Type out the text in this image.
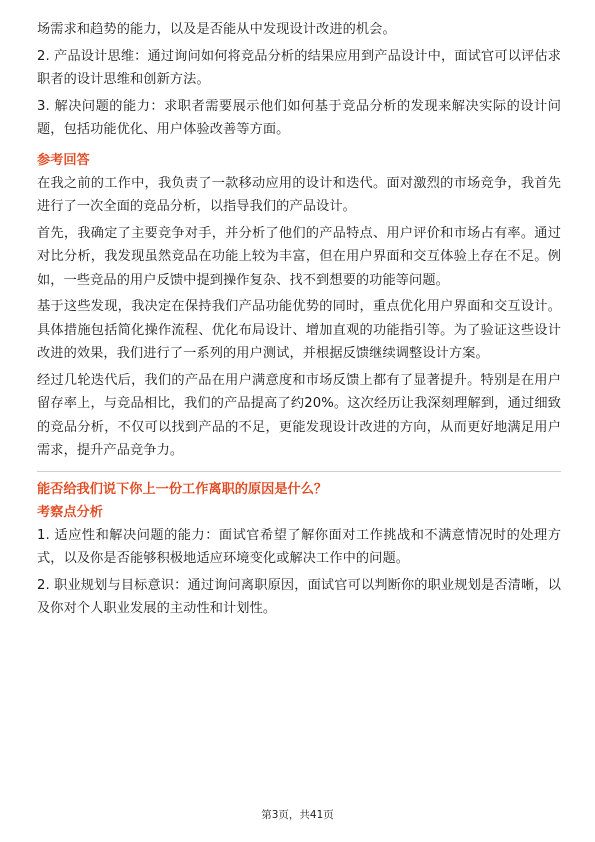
场需求和趋势的能力，以及是否能从中发现设计改进的机会。

2. 产品设计思维：通过询问如何将竞品分析的结果应用到产品设计中，面试官可以评估求职者的设计思维和创新方法。

3. 解决问题的能力：求职者需要展示他们如何基于竞品分析的发现来解决实际的设计问题，包括功能优化、用户体验改善等方面。

参考回答

在我之前的工作中，我负责了一款移动应用的设计和迭代。面对激烈的市场竞争，我首先进行了一次全面的竞品分析，以指导我们的产品设计。

首先，我确定了主要竞争对手，并分析了他们的产品特点、用户评价和市场占有率。通过对比分析，我发现虽然竞品在功能上较为丰富，但在用户界面和交互体验上存在不足。例如，一些竞品的用户反馈中提到操作复杂、找不到想要的功能等问题。

基于这些发现，我决定在保持我们产品功能优势的同时，重点优化用户界面和交互设计。具体措施包括简化操作流程、优化布局设计、增加直观的功能指引等。为了验证这些设计改进的效果，我们进行了一系列的用户测试，并根据反馈继续调整设计方案。

经过几轮迭代后，我们的产品在用户满意度和市场反馈上都有了显著提升。特别是在用户留存率上，与竞品相比，我们的产品提高了约20%。这次经历让我深刻理解到，通过细致的竞品分析，不仅可以找到产品的不足，更能发现设计改进的方向，从而更好地满足用户需求，提升产品竞争力。

能否给我们说下你上一份工作离职的原因是什么？
考察点分析

1. 适应性和解决问题的能力：面试官希望了解你面对工作挑战和不满意情况时的处理方式，以及你是否能够积极地适应环境变化或解决工作中的问题。

2. 职业规划与目标意识：通过询问离职原因，面试官可以判断你的职业规划是否清晰，以及你对个人职业发展的主动性和计划性。

第3页，共41页
